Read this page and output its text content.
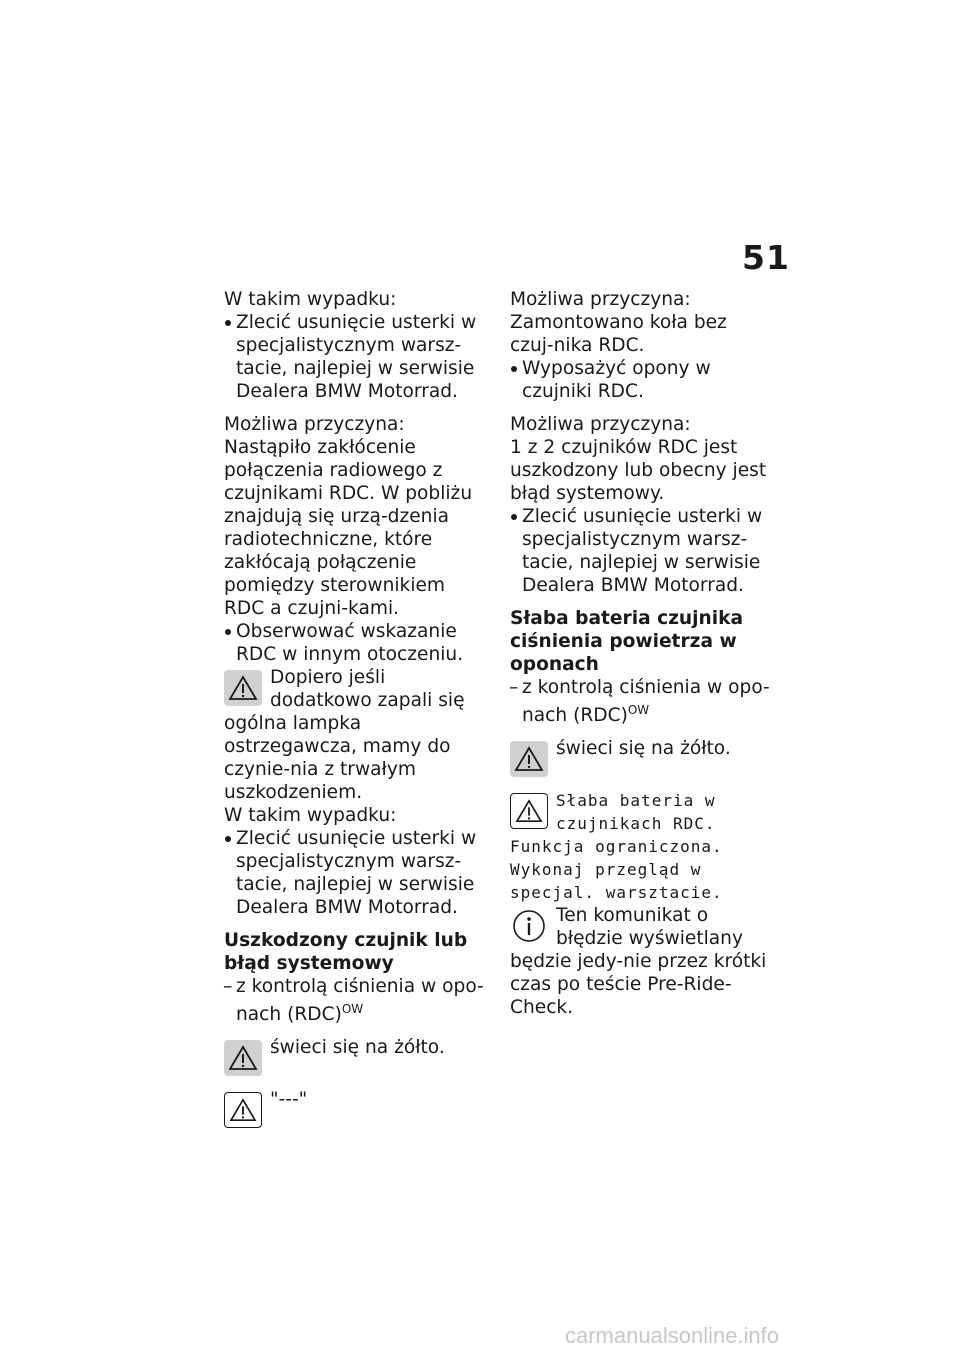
51

W takim wypadku:

Zlecić usunięcie usterki w specjalistycznym warsz-tacie, najlepiej w serwisie Dealera BMW Motorrad.

Możliwa przyczyna:

Nastąpiło zakłócenie połączenia radiowego z czujnikami RDC. W pobliżu znajdują się urzą-dzenia radiotechniczne, które zakłócają połączenie pomiędzy sterownikiem RDC a czujni-kami.

Obserwować wskazanie RDC w innym otoczeniu.

Dopiero jeśli dodatkowo zapali się ogólna lampka ostrzegawcza, mamy do czynie-nia z trwałym uszkodzeniem.

W takim wypadku:

Zlecić usunięcie usterki w specjalistycznym warsz-tacie, najlepiej w serwisie Dealera BMW Motorrad.

Uszkodzony czujnik lub błąd systemowy

– z kontrolą ciśnienia w opo-nach (RDC)$^{OW}$

świeci się na żółto.

"---"

Możliwa przyczyna:

Zamontowano koła bez czuj-nika RDC.

Wyposażyć opony w czujniki RDC.

Możliwa przyczyna:

1 z 2 czujników RDC jest uszkodzony lub obecny jest błąd systemowy.

Zlecić usunięcie usterki w specjalistycznym warsz-tacie, najlepiej w serwisie Dealera BMW Motorrad.

Słaba bateria czujnika ciśnienia powietrza w oponach

– z kontrolą ciśnienia w opo-nach (RDC)$^{OW}$

świeci się na żółto.

Słaba bateria w
czujnikach RDC.
Funkcja ograniczona.
Wykonaj przegląd w
specjal. warsztacie.

Ten komunikat o błędzie wyświetlany będzie jedy-nie przez krótki czas po teście Pre-Ride-Check.

carmanualsonline.info
